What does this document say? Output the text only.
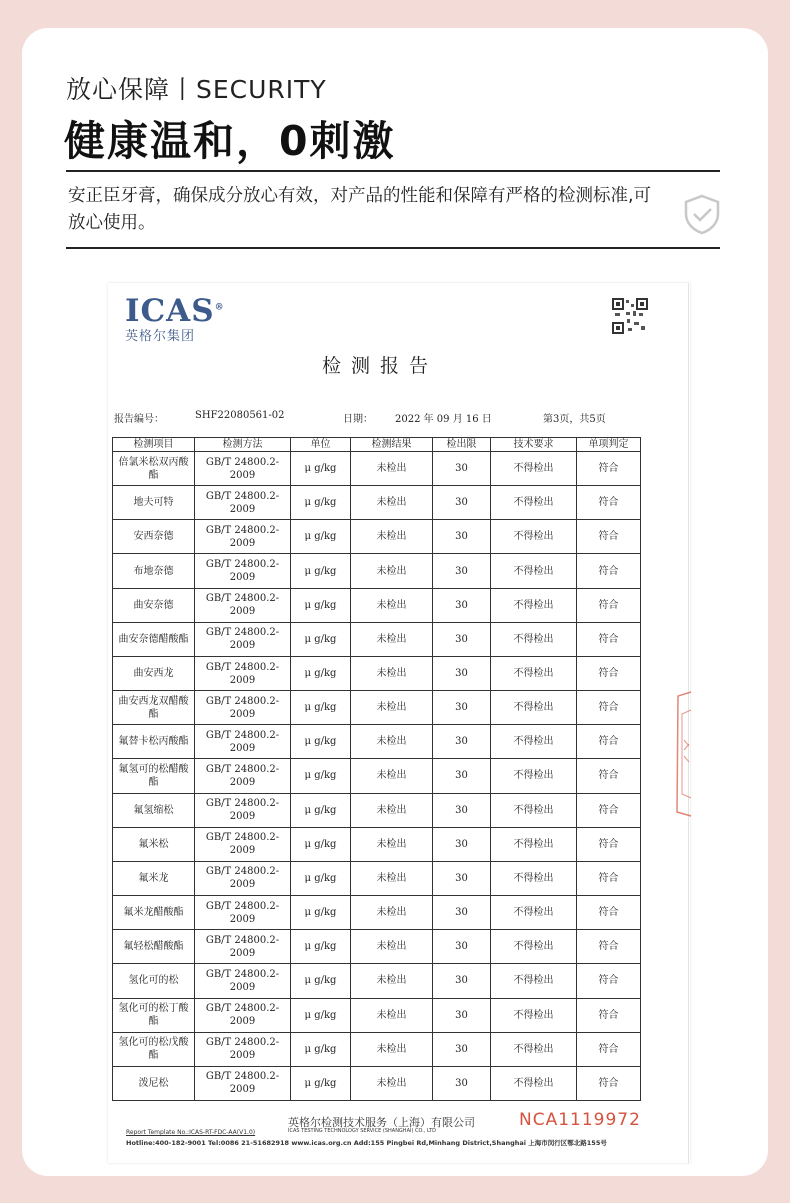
放心保障丨SECURITY
健康温和，0刺激
安正臣牙膏，确保成分放心有效，对产品的性能和保障有严格的检测标准,可放心使用。
ICAS®
英格尔集团
检测报告
报告编号：	SHF22080561-02	日期： 2022 年 09 月 16 日	第3页，共5页
检测项目	检测方法	单位	检测结果	检出限	技术要求	单项判定
倍氯米松双丙酸酯	GB/T 24800.2-2009	μ g/kg	未检出	30	不得检出	符合
地夫可特	GB/T 24800.2-2009	μ g/kg	未检出	30	不得检出	符合
安西奈德	GB/T 24800.2-2009	μ g/kg	未检出	30	不得检出	符合
布地奈德	GB/T 24800.2-2009	μ g/kg	未检出	30	不得检出	符合
曲安奈德	GB/T 24800.2-2009	μ g/kg	未检出	30	不得检出	符合
曲安奈德醋酸酯	GB/T 24800.2-2009	μ g/kg	未检出	30	不得检出	符合
曲安西龙	GB/T 24800.2-2009	μ g/kg	未检出	30	不得检出	符合
曲安西龙双醋酸酯	GB/T 24800.2-2009	μ g/kg	未检出	30	不得检出	符合
氟替卡松丙酸酯	GB/T 24800.2-2009	μ g/kg	未检出	30	不得检出	符合
氟氢可的松醋酸酯	GB/T 24800.2-2009	μ g/kg	未检出	30	不得检出	符合
氟氢缩松	GB/T 24800.2-2009	μ g/kg	未检出	30	不得检出	符合
氟米松	GB/T 24800.2-2009	μ g/kg	未检出	30	不得检出	符合
氟米龙	GB/T 24800.2-2009	μ g/kg	未检出	30	不得检出	符合
氟米龙醋酸酯	GB/T 24800.2-2009	μ g/kg	未检出	30	不得检出	符合
氟轻松醋酸酯	GB/T 24800.2-2009	μ g/kg	未检出	30	不得检出	符合
氢化可的松	GB/T 24800.2-2009	μ g/kg	未检出	30	不得检出	符合
氢化可的松丁酸酯	GB/T 24800.2-2009	μ g/kg	未检出	30	不得检出	符合
氢化可的松戊酸酯	GB/T 24800.2-2009	μ g/kg	未检出	30	不得检出	符合
泼尼松	GB/T 24800.2-2009	μ g/kg	未检出	30	不得检出	符合
英格尔检测技术服务（上海）有限公司
ICAS TESTING TECHNOLOGY SERVICE (SHANGHAI) CO., LTD
Report Template No.:ICAS-RT-FDC-AA(V1.0)
Hotline:400-182-9001 Tel:0086 21-51682918 www.icas.org.cn Add:155 Pingbei Rd,Minhang District,Shanghai 上海市闵行区鄂北路155号
NCA1119972
